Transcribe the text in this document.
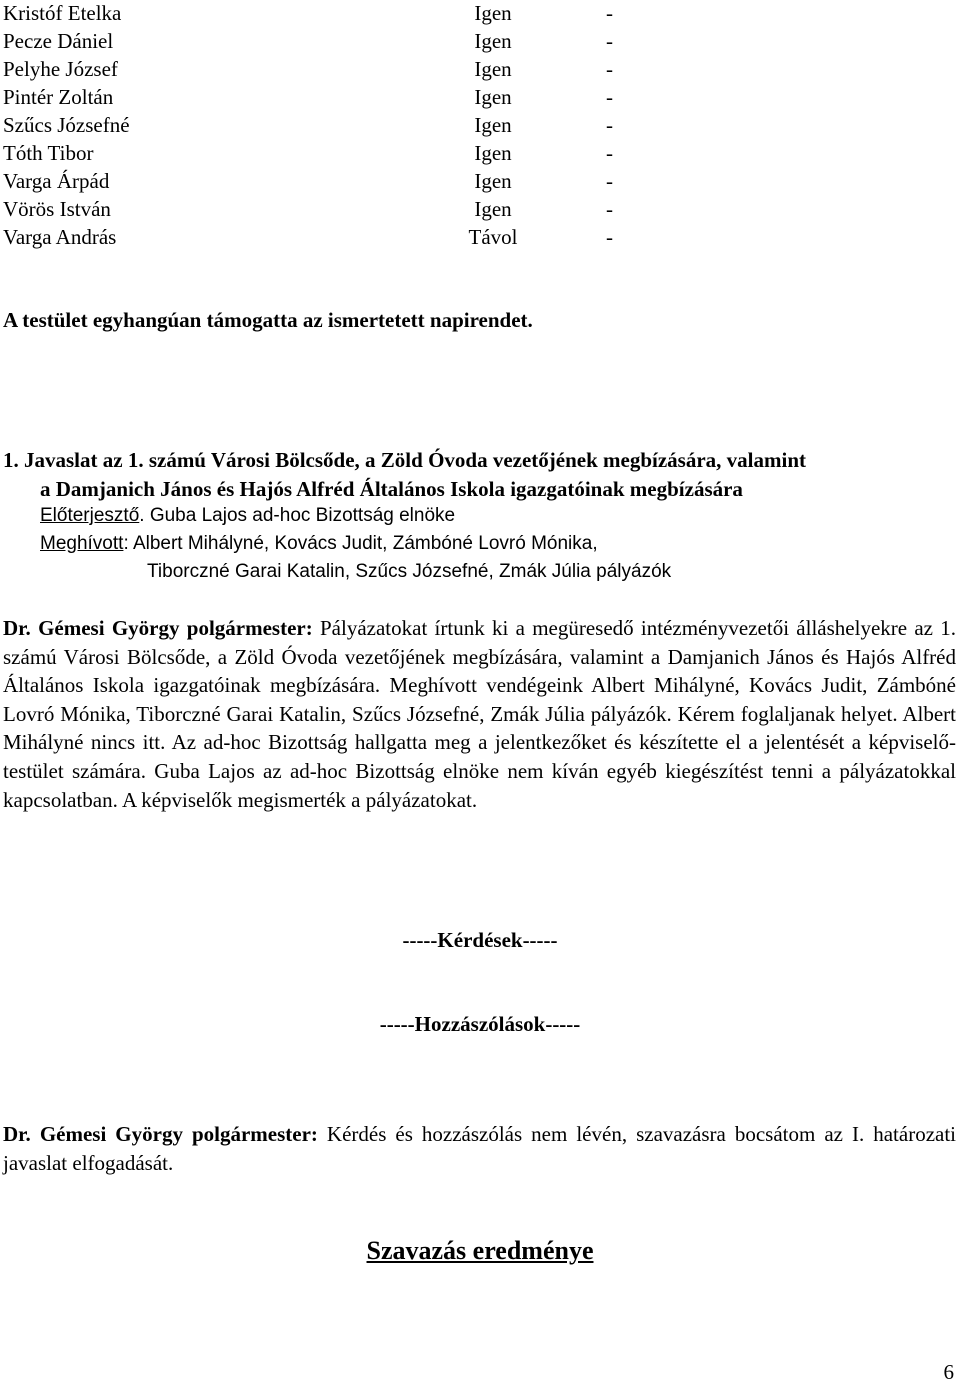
Kristóf Etelka	Igen	-
Pecze Dániel	Igen	-
Pelyhe József	Igen	-
Pintér Zoltán	Igen	-
Szűcs Józsefné	Igen	-
Tóth Tibor	Igen	-
Varga Árpád	Igen	-
Vörös István	Igen	-
Varga András	Távol	-
A testület egyhangúan támogatta az ismertetett napirendet.
1. Javaslat az 1. számú Városi Bölcsőde, a Zöld Óvoda vezetőjének megbízására, valamint
a Damjanich János és Hajós Alfréd Általános Iskola igazgatóinak megbízására
Előterjesztő. Guba Lajos ad-hoc Bizottság elnöke
Meghívott: Albert Mihályné, Kovács Judit, Zámbóné Lovró Mónika,
Tiborczné Garai Katalin, Szűcs Józsefné, Zmák Júlia pályázók
Dr. Gémesi György polgármester: Pályázatokat írtunk ki a megüresedő intézményvezetői álláshelyekre az 1. számú Városi Bölcsőde, a Zöld Óvoda vezetőjének megbízására, valamint a Damjanich János és Hajós Alfréd Általános Iskola igazgatóinak megbízására. Meghívott vendégeink Albert Mihályné, Kovács Judit, Zámbóné Lovró Mónika, Tiborczné Garai Katalin, Szűcs Józsefné, Zmák Júlia pályázók. Kérem foglaljanak helyet. Albert Mihályné nincs itt. Az ad-hoc Bizottság hallgatta meg a jelentkezőket és készítette el a jelentését a képviselő-testület számára. Guba Lajos az ad-hoc Bizottság elnöke nem kíván egyéb kiegészítést tenni a pályázatokkal kapcsolatban. A képviselők megismerték a pályázatokat.
-----Kérdések-----
-----Hozzászólások-----
Dr. Gémesi György polgármester: Kérdés és hozzászólás nem lévén, szavazásra bocsátom az I. határozati javaslat elfogadását.
Szavazás eredménye
6
